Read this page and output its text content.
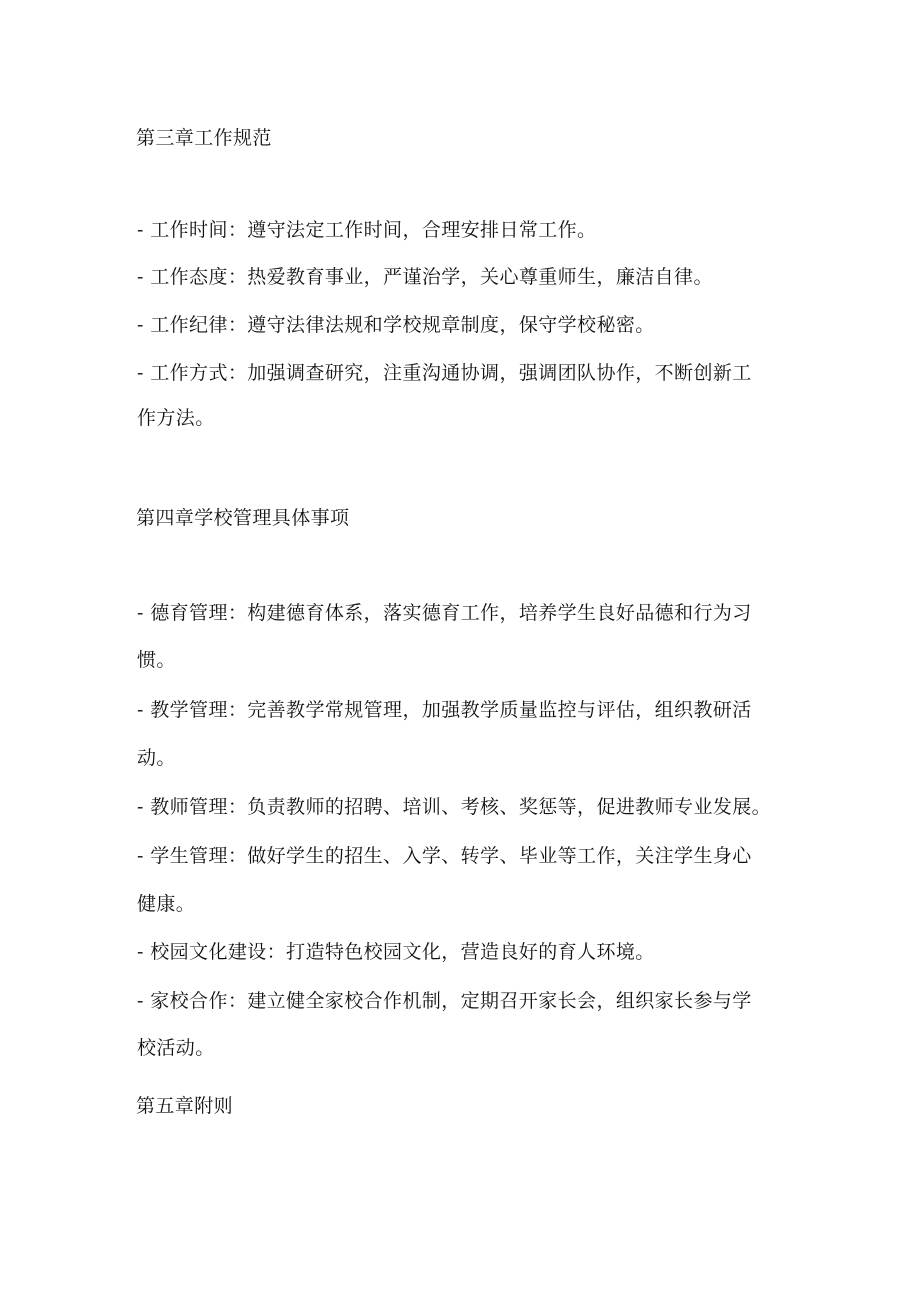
第三章工作规范
- 工作时间：遵守法定工作时间，合理安排日常工作。
- 工作态度：热爱教育事业，严谨治学，关心尊重师生，廉洁自律。
- 工作纪律：遵守法律法规和学校规章制度，保守学校秘密。
- 工作方式：加强调查研究，注重沟通协调，强调团队协作，不断创新工
作方法。
第四章学校管理具体事项
- 德育管理：构建德育体系，落实德育工作，培养学生良好品德和行为习
惯。
- 教学管理：完善教学常规管理，加强教学质量监控与评估，组织教研活
动。
- 教师管理：负责教师的招聘、培训、考核、奖惩等，促进教师专业发展。
- 学生管理：做好学生的招生、入学、转学、毕业等工作，关注学生身心
健康。
- 校园文化建设：打造特色校园文化，营造良好的育人环境。
- 家校合作：建立健全家校合作机制，定期召开家长会，组织家长参与学
校活动。
第五章附则
